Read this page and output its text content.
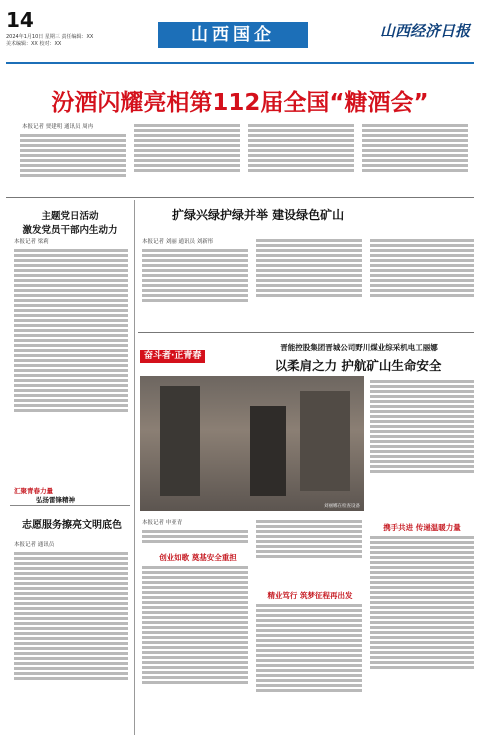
14
2024年1月10日 星期三 责任编辑：XX
美术编辑：XX 校对：XX	山西国企	山西经济日报
汾酒闪耀亮相第112届全国“糖酒会”
本报记者 贾建明 通讯员 周冉
主题党日活动
激发党员干部内生动力
本报记者 梁莉
汇聚青春力量
弘扬雷锋精神
志愿服务擦亮文明底色
本报记者 通讯员
扩绿兴绿护绿并举 建设绿色矿山
本报记者 刘丽 通讯员 刘新彤
奋斗者·正青春
晋能控股集团晋城公司野川煤业综采机电工丽娜
以柔肩之力 护航矿山生命安全
刘丽娜在检查设备
本报记者 申亚青
创业如歌 奠基安全重担
精业笃行 筑梦征程再出发
携手共进 传递温暖力量
